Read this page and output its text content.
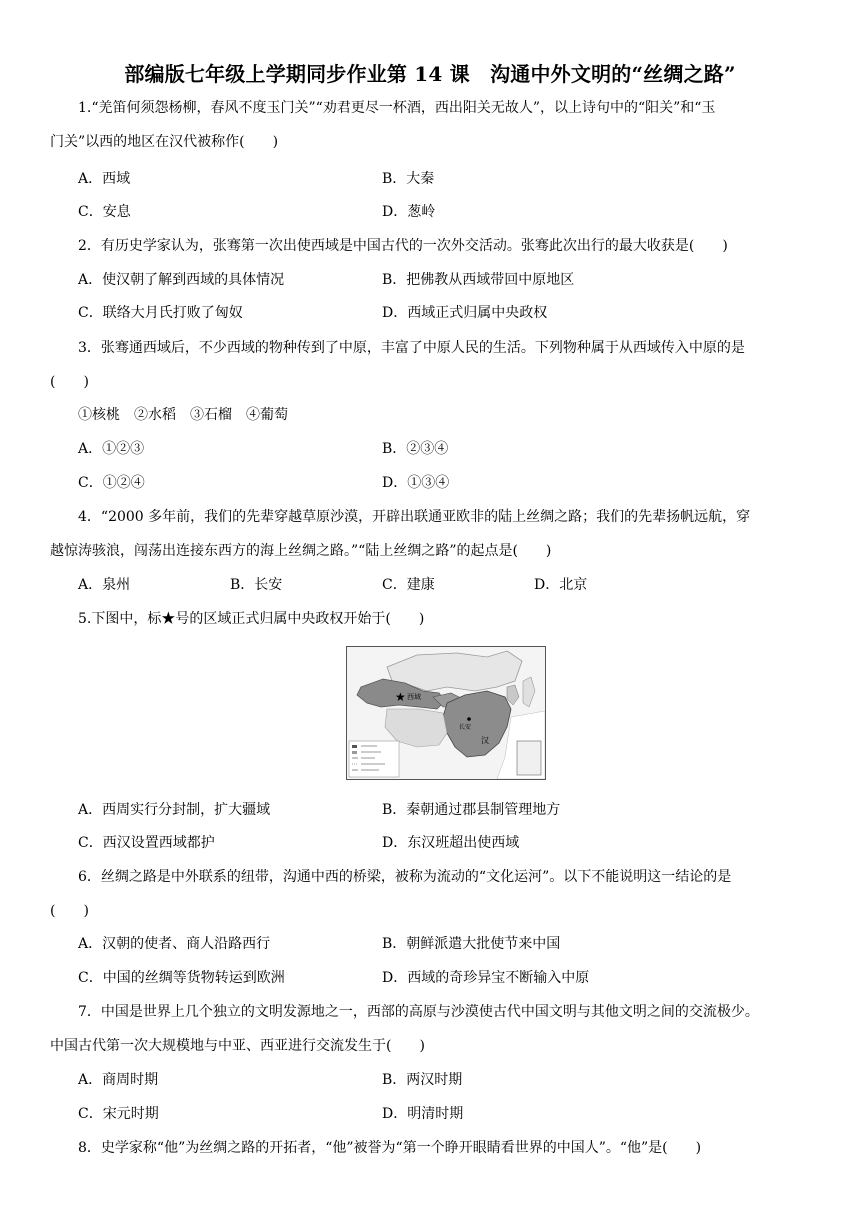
部编版七年级上学期同步作业第 14 课　沟通中外文明的“丝绸之路”
1.“羌笛何须怨杨柳，春风不度玉门关”“劝君更尽一杯酒，西出阳关无故人”，以上诗句中的“阳关”和“玉
门关”以西的地区在汉代被称作(　　)
A．西域	B．大秦
C．安息	D．葱岭
2．有历史学家认为，张骞第一次出使西域是中国古代的一次外交活动。张骞此次出行的最大收获是(　　)
A．使汉朝了解到西域的具体情况	B．把佛教从西域带回中原地区
C．联络大月氏打败了匈奴	D．西域正式归属中央政权
3．张骞通西域后，不少西域的物种传到了中原，丰富了中原人民的生活。下列物种属于从西域传入中原的是
(　　)
①核桃　②水稻　③石榴　④葡萄
A．①②③	B．②③④
C．①②④	D．①③④
4．“2000 多年前，我们的先辈穿越草原沙漠，开辟出联通亚欧非的陆上丝绸之路；我们的先辈扬帆远航，穿
越惊涛骇浪，闯荡出连接东西方的海上丝绸之路。”“陆上丝绸之路”的起点是(　　)
A．泉州	B．长安	C．建康	D．北京
5.下图中，标★号的区域正式归属中央政权开始于(　　)
★ 西域
长安
汉
A．西周实行分封制，扩大疆域	B．秦朝通过郡县制管理地方
C．西汉设置西域都护	D．东汉班超出使西域
6．丝绸之路是中外联系的纽带，沟通中西的桥梁，被称为流动的“文化运河”。以下不能说明这一结论的是
(　　)
A．汉朝的使者、商人沿路西行	B．朝鲜派遣大批使节来中国
C．中国的丝绸等货物转运到欧洲	D．西域的奇珍异宝不断输入中原
7．中国是世界上几个独立的文明发源地之一，西部的高原与沙漠使古代中国文明与其他文明之间的交流极少。
中国古代第一次大规模地与中亚、西亚进行交流发生于(　　)
A．商周时期	B．两汉时期
C．宋元时期	D．明清时期
8．史学家称“他”为丝绸之路的开拓者，“他”被誉为“第一个睁开眼睛看世界的中国人”。“他”是(　　)
